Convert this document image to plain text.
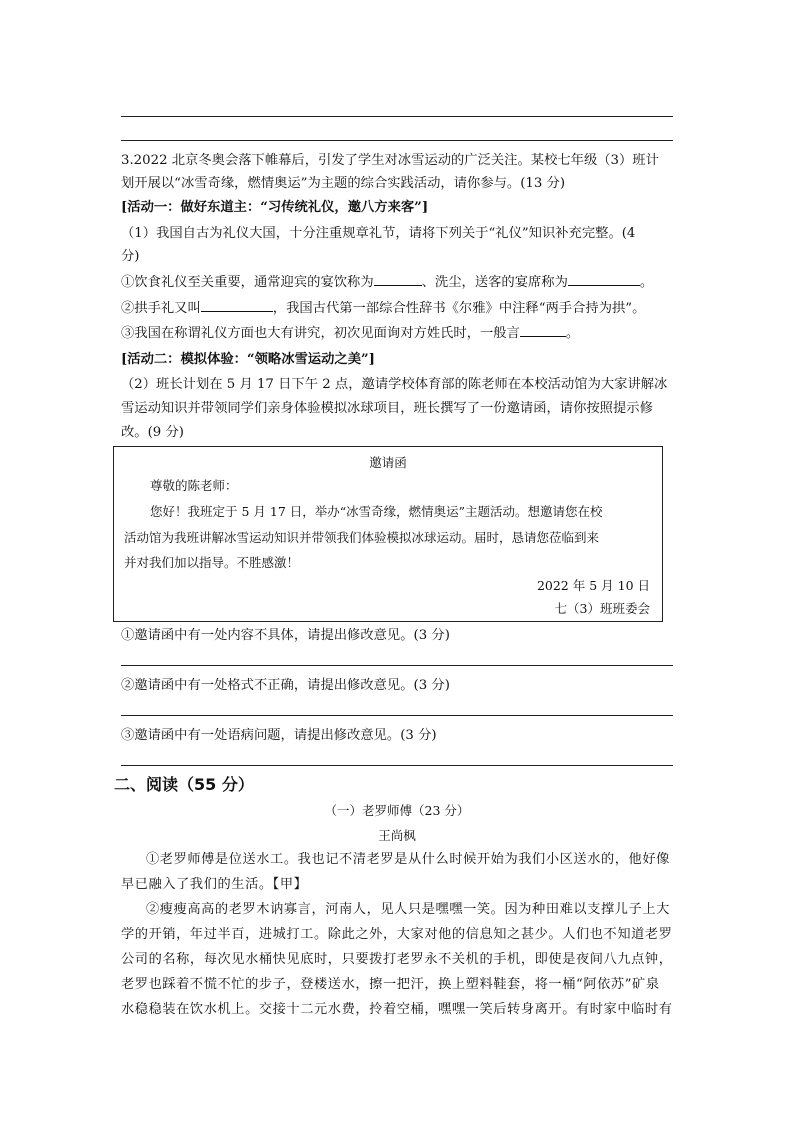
3.2022 北京冬奥会落下帷幕后，引发了学生对冰雪运动的广泛关注。某校七年级（3）班计

划开展以“冰雪奇缘，燃情奥运”为主题的综合实践活动，请你参与。(13 分)

[活动一：做好东道主：“习传统礼仪，邀八方来客”]

（1）我国自古为礼仪大国，十分注重规章礼节，请将下列关于“礼仪”知识补充完整。(4

分)

①饮食礼仪至关重要，通常迎宾的宴饮称为	、洗尘，送客的宴席称为	。

②拱手礼又叫	，我国古代第一部综合性辞书《尔雅》中注释“两手合持为拱”。

③我国在称谓礼仪方面也大有讲究，初次见面询对方姓氏时，一般言	。

[活动二：模拟体验：“领略冰雪运动之美”]

（2）班长计划在 5 月 17 日下午 2 点，邀请学校体育部的陈老师在本校活动馆为大家讲解冰

雪运动知识并带领同学们亲身体验模拟冰球项目，班长撰写了一份邀请函，请你按照提示修

改。(9 分)

邀请函
尊敬的陈老师：
您好！我班定于 5 月 17 日，举办“冰雪奇缘，燃情奥运”主题活动。想邀请您在校
活动馆为我班讲解冰雪运动知识并带领我们体验模拟冰球运动。届时，恳请您莅临到来
并对我们加以指导。不胜感激！
2022 年 5 月 10 日
七（3）班班委会

①邀请函中有一处内容不具体，请提出修改意见。(3 分)

②邀请函中有一处格式不正确，请提出修改意见。(3 分)

③邀请函中有一处语病问题，请提出修改意见。(3 分)

二、阅读（55 分）
（一）老罗师傅（23 分）
王尚枫
①老罗师傅是位送水工。我也记不清老罗是从什么时候开始为我们小区送水的，他好像
早已融入了我们的生活。【甲】
②瘦瘦高高的老罗木讷寡言，河南人，见人只是嘿嘿一笑。因为种田难以支撑儿子上大
学的开销，年过半百，进城打工。除此之外，大家对他的信息知之甚少。人们也不知道老罗
公司的名称，每次见水桶快见底时，只要拨打老罗永不关机的手机，即使是夜间八九点钟，
老罗也踩着不慌不忙的步子，登楼送水，擦一把汗，换上塑料鞋套，将一桶“阿依苏”矿泉
水稳稳装在饮水机上。交接十二元水费，拎着空桶，嘿嘿一笑后转身离开。有时家中临时有
